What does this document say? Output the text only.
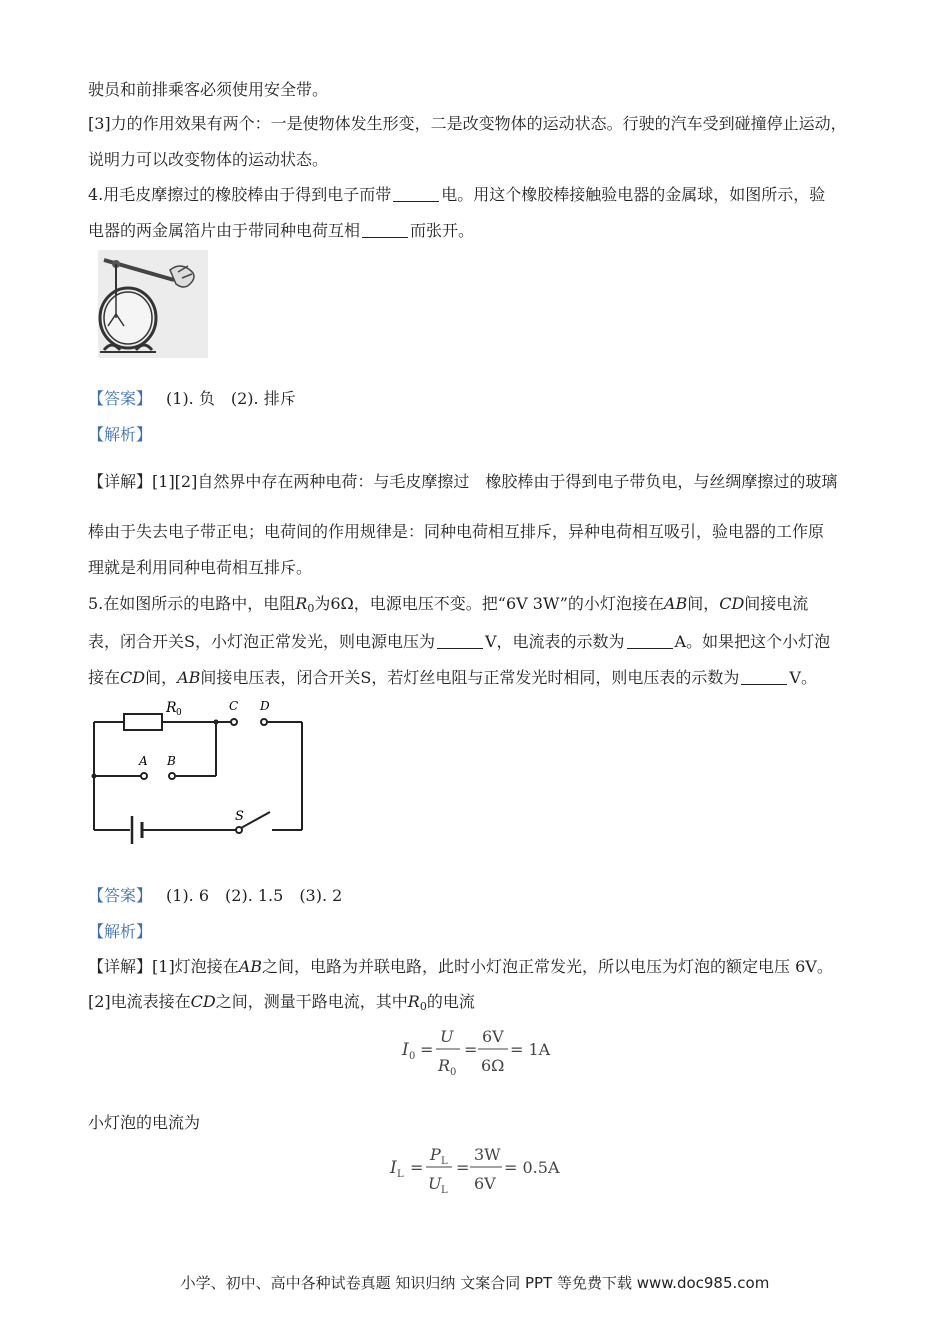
驶员和前排乘客必须使用安全带。
[3]力的作用效果有两个：一是使物体发生形变，二是改变物体的运动状态。行驶的汽车受到碰撞停止运动，
说明力可以改变物体的运动状态。
4.用毛皮摩擦过的橡胶棒由于得到电子而带	电。用这个橡胶棒接触验电器的金属球，如图所示，验
电器的两金属箔片由于带同种电荷互相	而张开。
【答案】 (1). 负　(2). 排斥
【解析】
【详解】[1][2]自然界中存在两种电荷：与毛皮摩擦过　橡胶棒由于得到电子带负电，与丝绸摩擦过的玻璃
棒由于失去电子带正电；电荷间的作用规律是：同种电荷相互排斥，异种电荷相互吸引，验电器的工作原
理就是利用同种电荷相互排斥。
5.在如图所示的电路中，电阻$R_0$为6Ω，电源电压不变。把“6V 3W”的小灯泡接在AB间，CD间接电流
表，闭合开关S，小灯泡正常发光，则电源电压为	V，电流表的示数为	A。如果把这个小灯泡
接在CD间，AB间接电压表，闭合开关S，若灯丝电阻与正常发光时相同，则电压表的示数为	V。
R 0	C D
A B
S
【答案】 (1). 6　(2). 1.5　(3). 2
【解析】
【详解】[1]灯泡接在AB之间，电路为并联电路，此时小灯泡正常发光，所以电压为灯泡的额定电压 6V。
[2]电流表接在CD之间，测量干路电流，其中$R_0$的电流
I 0 =
U
R 0
=
6V
6Ω
= 1A
小灯泡的电流为
I L =
P L
U L
=
3W
6V
= 0.5A
小学、初中、高中各种试卷真题 知识归纳 文案合同 PPT 等免费下载 www.doc985.com
